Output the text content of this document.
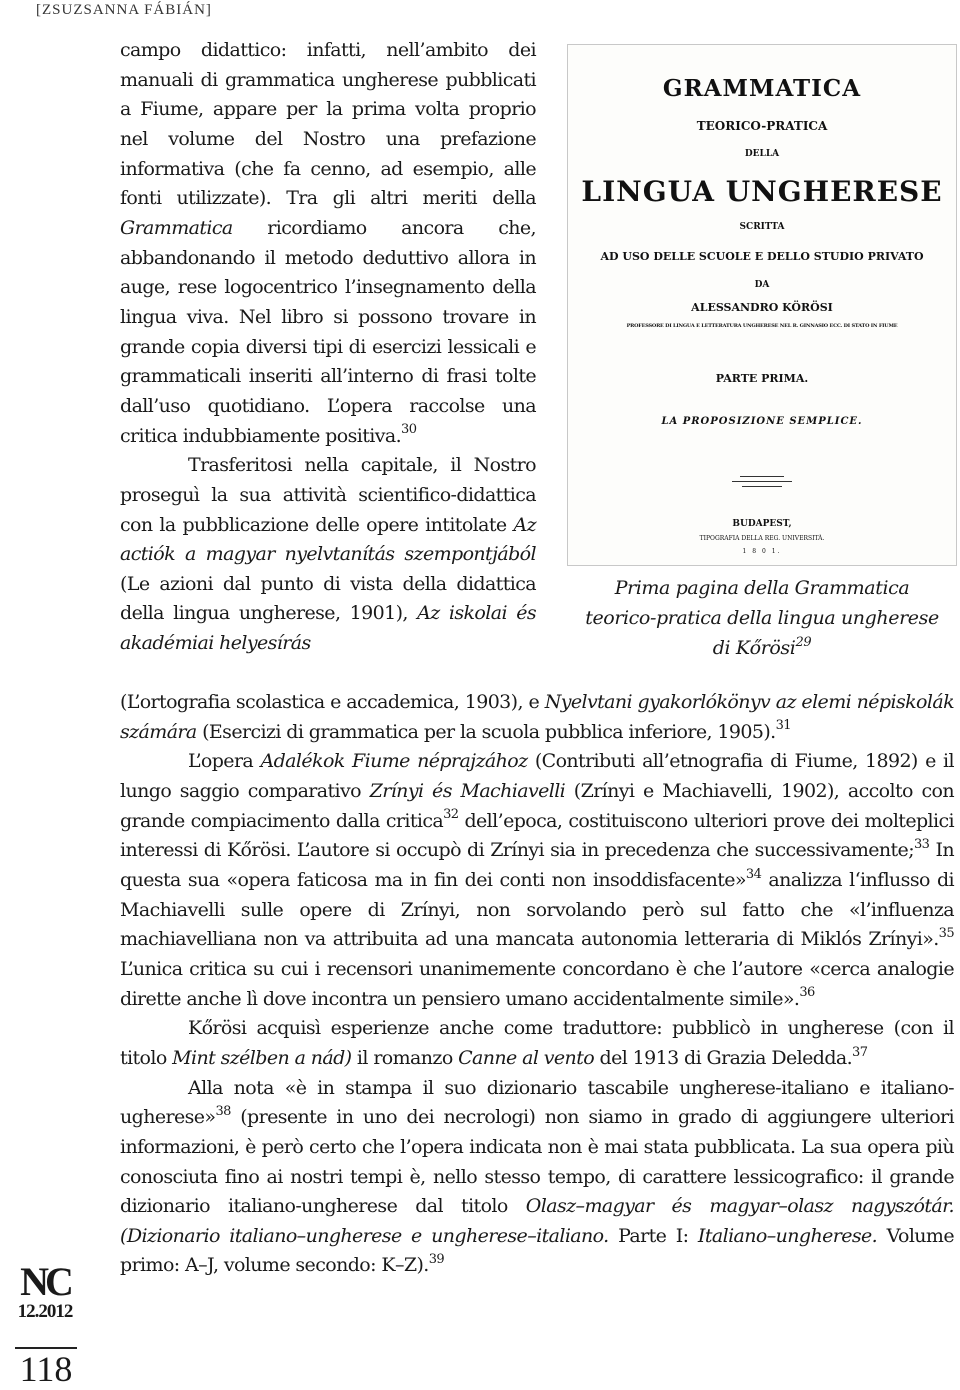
[ZSUZSANNA FÁBIÁN]
GRAMMATICA
TEORICO-PRATICA
DELLA
LINGUA UNGHERESE
SCRITTA
AD USO DELLE SCUOLE E DELLO STUDIO PRIVATO
DA
ALESSANDRO KÖRÖSI
PROFESSORE DI LINGUA E LETTERATURA UNGHERESE NEL R. GINNASIO ECC. DI STATO IN FIUME
PARTE PRIMA.
LA PROPOSIZIONE SEMPLICE.
BUDAPEST,
TIPOGRAFIA DELLA REG. UNIVERSITÀ.
1 8 0 1.
Prima pagina della Grammatica teorico-pratica della lingua ungherese di Kőrösi$^{29}$

campo didattico: infatti, nell’ambito dei manuali di grammatica ungherese pubblicati a Fiume, appare per la prima volta proprio nel volume del Nostro una prefazione informativa (che fa cenno, ad esempio, alle fonti utilizzate). Tra gli altri meriti della Grammatica ricordiamo ancora che, abbandonando il metodo deduttivo allora in auge, rese logocentrico l’insegnamento della lingua viva. Nel libro si possono trovare in grande copia diversi tipi di esercizi lessicali e grammaticali inseriti all’interno di frasi tolte dall’uso quotidiano. L’opera raccolse una critica indubbiamente positiva.$^{30}$

Trasferitosi nella capitale, il Nostro proseguì la sua attività scientifico-didattica con la pubblicazione delle opere intitolate Az actiók a magyar nyelvtanítás szempontjából (Le azioni dal punto di vista della didattica della lingua ungherese, 1901), Az iskolai és akadémiai helyesírás

(L’ortografia scolastica e accademica, 1903), e Nyelvtani gyakorlókönyv az elemi népiskolák számára (Esercizi di grammatica per la scuola pubblica inferiore, 1905).$^{31}$

L’opera Adalékok Fiume néprajzához (Contributi all’etnografia di Fiume, 1892) e il lungo saggio comparativo Zrínyi és Machiavelli (Zrínyi e Machiavelli, 1902), accolto con grande compiacimento dalla critica$^{32}$ dell’epoca, costituiscono ulteriori prove dei molteplici interessi di Kőrösi. L’autore si occupò di Zrínyi sia in precedenza che successivamente;$^{33}$ In questa sua «opera faticosa ma in fin dei conti non insoddisfacente»$^{34}$ analizza l‘influsso di Machiavelli sulle opere di Zrínyi, non sorvolando però sul fatto che «l’influenza machiavelliana non va attribuita ad una mancata autonomia letteraria di Miklós Zrínyi».$^{35}$ L’unica critica su cui i recensori unanimemente concordano è che l’autore «cerca analogie dirette anche lì dove incontra un pensiero umano accidentalmente simile».$^{36}$

Kőrösi acquisì esperienze anche come traduttore: pubblicò in ungherese (con il titolo Mint szélben a nád) il romanzo Canne al vento del 1913 di Grazia Deledda.$^{37}$

Alla nota «è in stampa il suo dizionario tascabile ungherese-italiano e italiano-ugherese»$^{38}$ (presente in uno dei necrologi) non siamo in grado di aggiungere ulteriori informazioni, è però certo che l’opera indicata non è mai stata pubblicata. La sua opera più conosciuta fino ai nostri tempi è, nello stesso tempo, di carattere lessicografico: il grande dizionario italiano-ungherese dal titolo Olasz–magyar és magyar–olasz nagyszótár. (Dizionario italiano–ungherese e ungherese–italiano. Parte I: Italiano–ungherese. Volume primo: A–J, volume secondo: K–Z).$^{39}$

NC
12.2012
118
